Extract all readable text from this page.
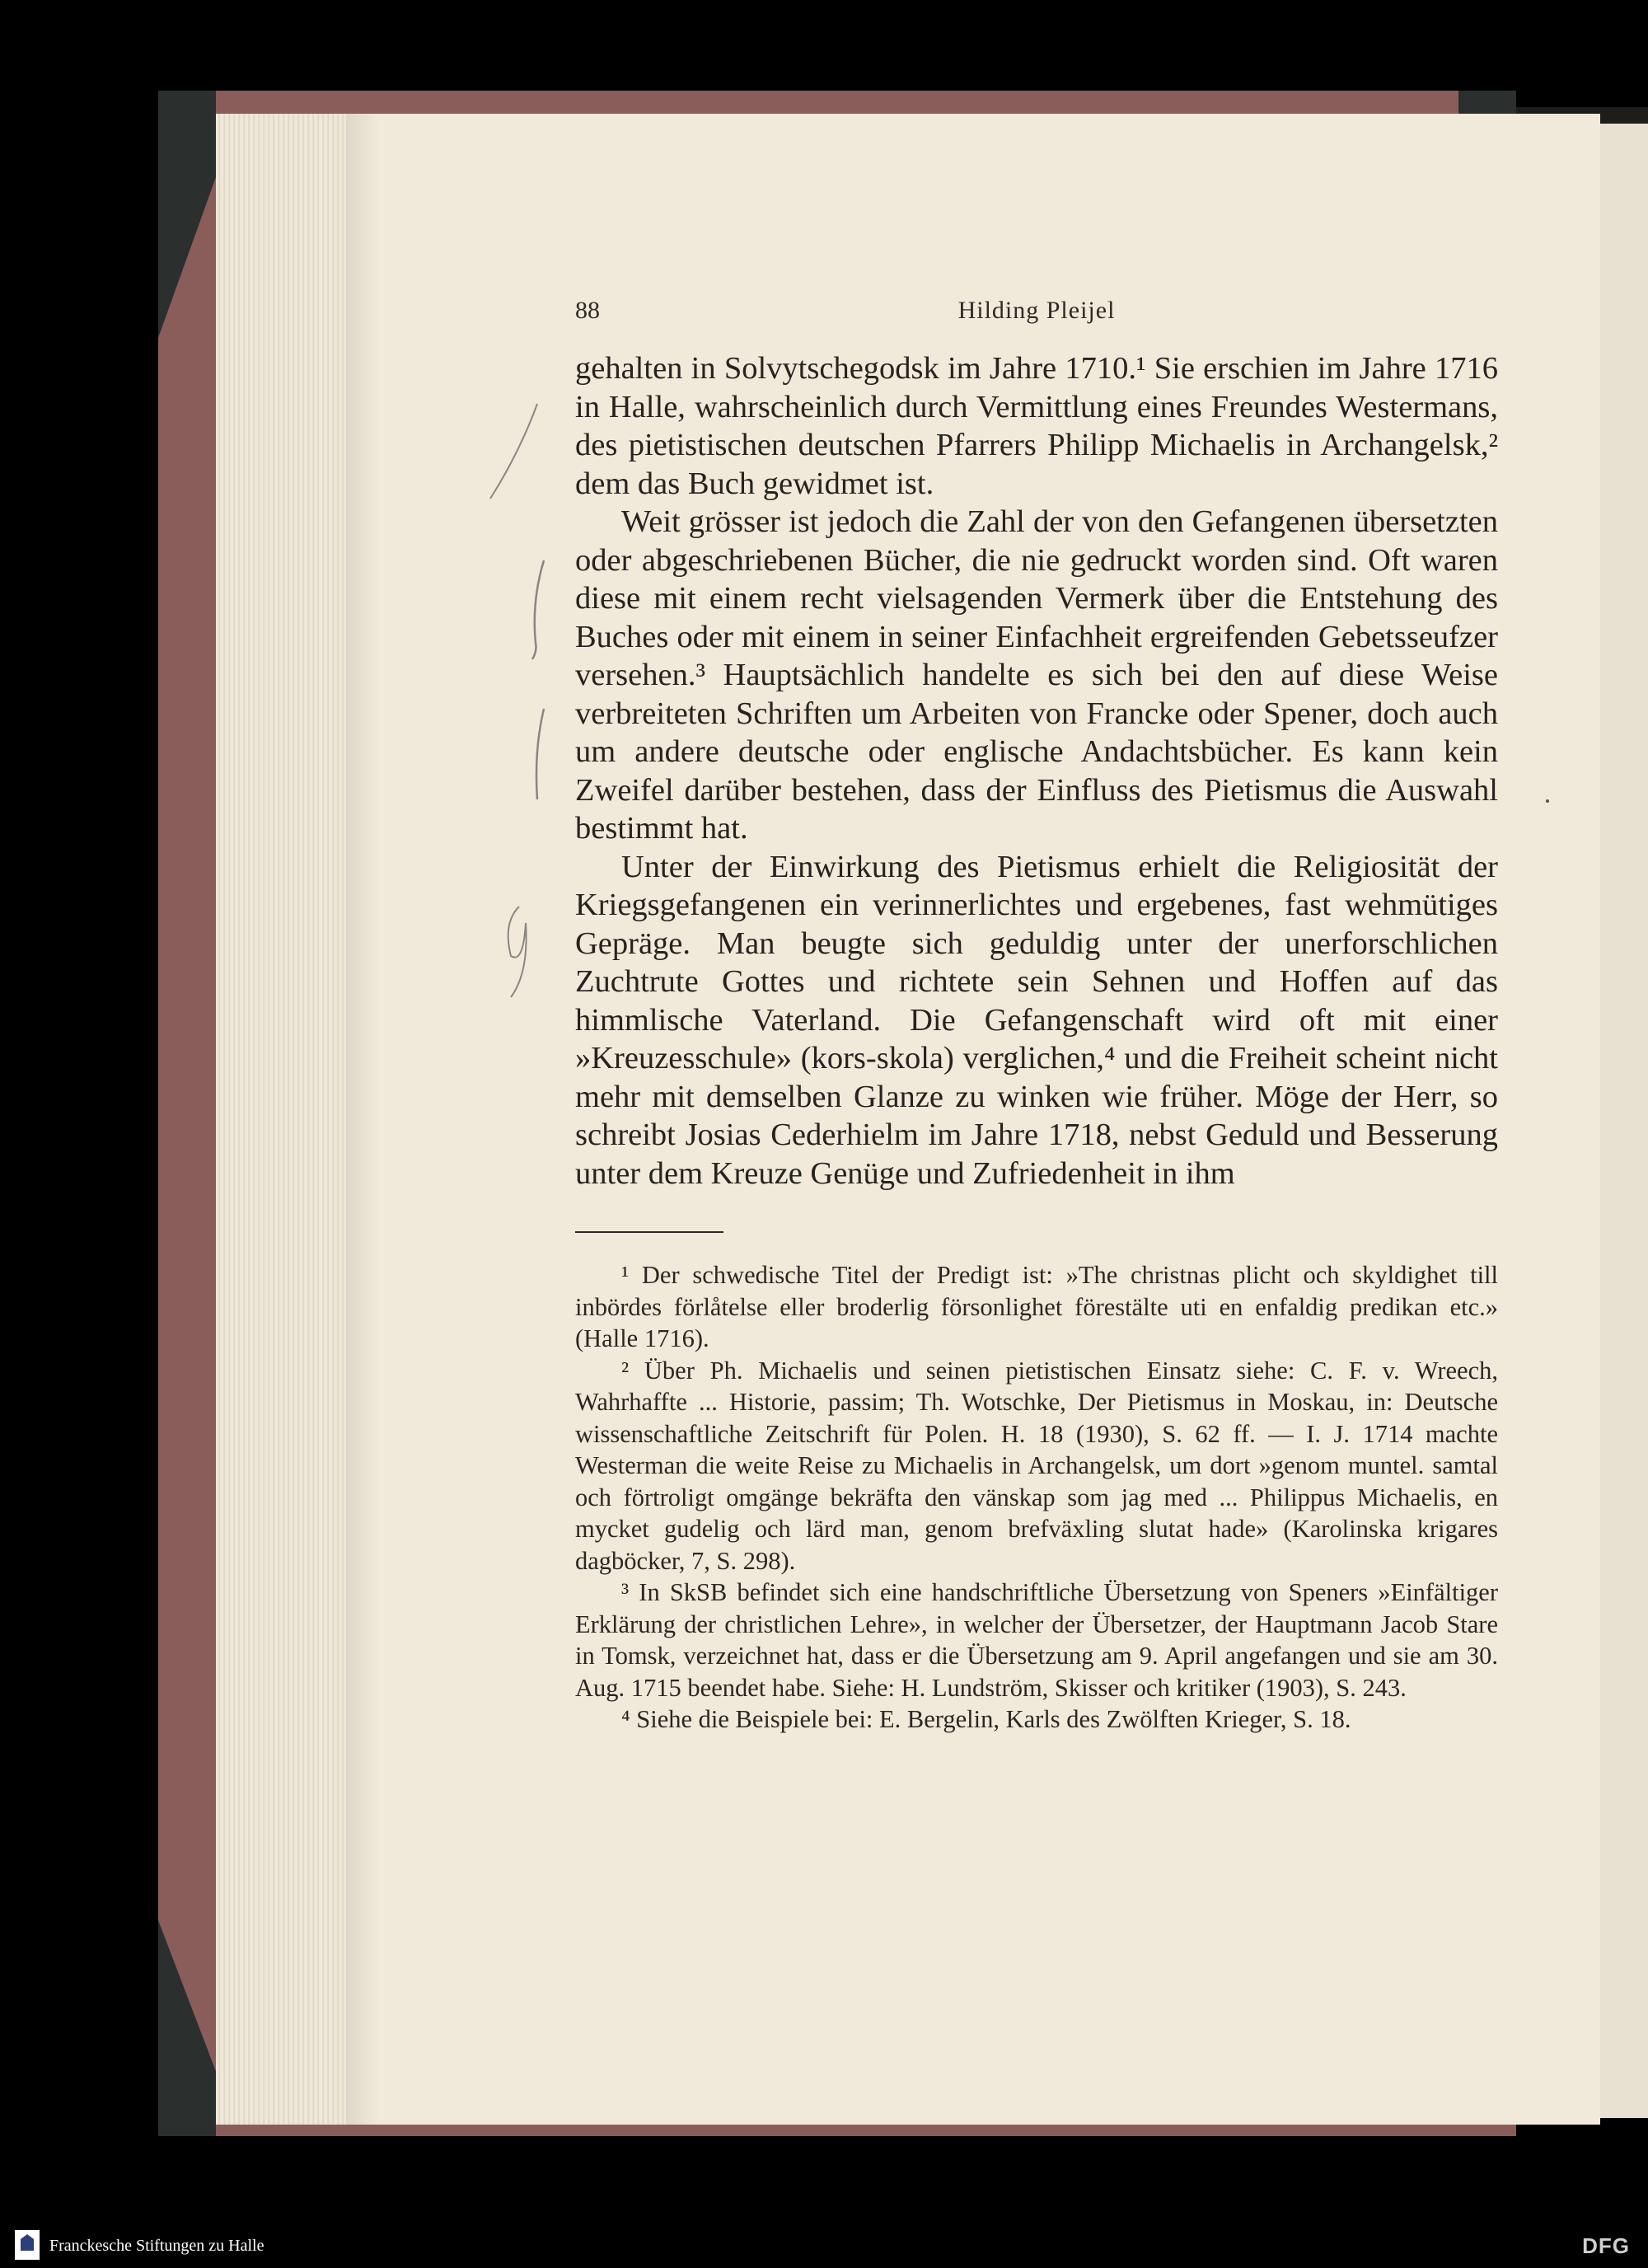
88	Hilding Pleijel

gehalten in Solvytschegodsk im Jahre 1710.¹ Sie erschien im Jahre 1716 in Halle, wahrscheinlich durch Vermittlung eines Freundes Westermans, des pietistischen deutschen Pfarrers Philipp Michaelis in Archangelsk,² dem das Buch gewidmet ist.

Weit grösser ist jedoch die Zahl der von den Gefangenen übersetzten oder abgeschriebenen Bücher, die nie gedruckt worden sind. Oft waren diese mit einem recht vielsagenden Vermerk über die Entstehung des Buches oder mit einem in seiner Einfachheit ergreifenden Gebetsseufzer versehen.³ Hauptsächlich handelte es sich bei den auf diese Weise verbreiteten Schriften um Arbeiten von Francke oder Spener, doch auch um andere deutsche oder englische Andachtsbücher. Es kann kein Zweifel darüber bestehen, dass der Einfluss des Pietismus die Auswahl bestimmt hat.

Unter der Einwirkung des Pietismus erhielt die Religiosität der Kriegsgefangenen ein verinnerlichtes und ergebenes, fast wehmütiges Gepräge. Man beugte sich geduldig unter der unerforschlichen Zuchtrute Gottes und richtete sein Sehnen und Hoffen auf das himmlische Vaterland. Die Gefangenschaft wird oft mit einer »Kreuzesschule» (kors-skola) verglichen,⁴ und die Freiheit scheint nicht mehr mit demselben Glanze zu winken wie früher. Möge der Herr, so schreibt Josias Cederhielm im Jahre 1718, nebst Geduld und Besserung unter dem Kreuze Genüge und Zufriedenheit in ihm

¹ Der schwedische Titel der Predigt ist: »The christnas plicht och skyldighet till inbördes förlåtelse eller broderlig försonlighet förestälte uti en enfaldig predikan etc.» (Halle 1716).

² Über Ph. Michaelis und seinen pietistischen Einsatz siehe: C. F. v. Wreech, Wahrhaffte ... Historie, passim; Th. Wotschke, Der Pietismus in Moskau, in: Deutsche wissenschaftliche Zeitschrift für Polen. H. 18 (1930), S. 62 ff. — I. J. 1714 machte Westerman die weite Reise zu Michaelis in Archangelsk, um dort »genom muntel. samtal och förtroligt omgänge bekräfta den vänskap som jag med ... Philippus Michaelis, en mycket gudelig och lärd man, genom brefväxling slutat hade» (Karolinska krigares dagböcker, 7, S. 298).

³ In SkSB befindet sich eine handschriftliche Übersetzung von Speners »Einfältiger Erklärung der christlichen Lehre», in welcher der Übersetzer, der Hauptmann Jacob Stare in Tomsk, verzeichnet hat, dass er die Übersetzung am 9. April angefangen und sie am 30. Aug. 1715 beendet habe. Siehe: H. Lundström, Skisser och kritiker (1903), S. 243.

⁴ Siehe die Beispiele bei: E. Bergelin, Karls des Zwölften Krieger, S. 18.

Franckesche Stiftungen zu Halle	DFG
